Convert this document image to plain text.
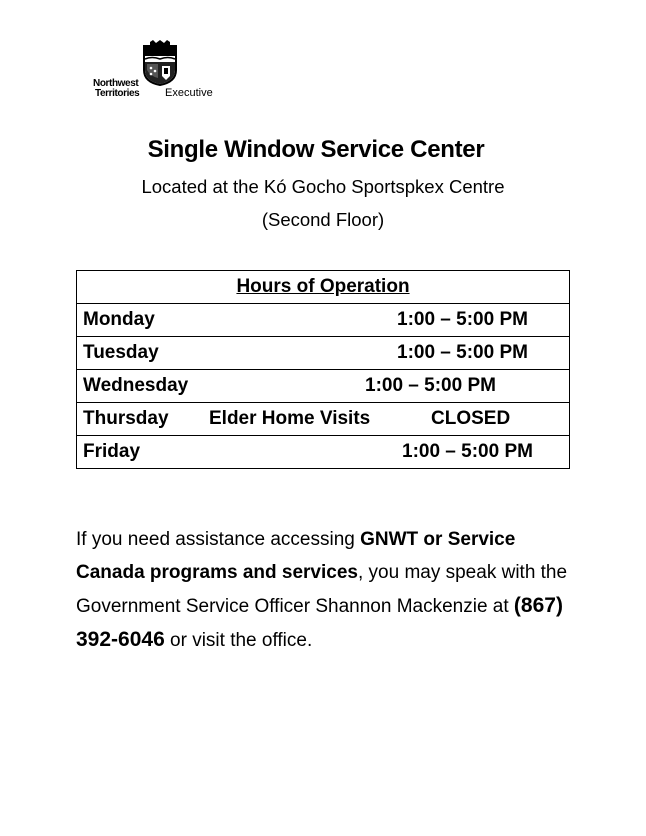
Northwest
Territories Executive
Single Window Service Center
Located at the Kó Gocho Sportspkex Centre
(Second Floor)
Hours of Operation

Monday	1:00 – 5:00 PM

Tuesday	1:00 – 5:00 PM

Wednesday	1:00 – 5:00 PM

Thursday Elder Home Visits	CLOSED

Friday	1:00 – 5:00 PM

If you need assistance accessing GNWT or Service Canada programs and services, you may speak with the Government Service Officer Shannon Mackenzie at (867) 392-6046 or visit the office.
